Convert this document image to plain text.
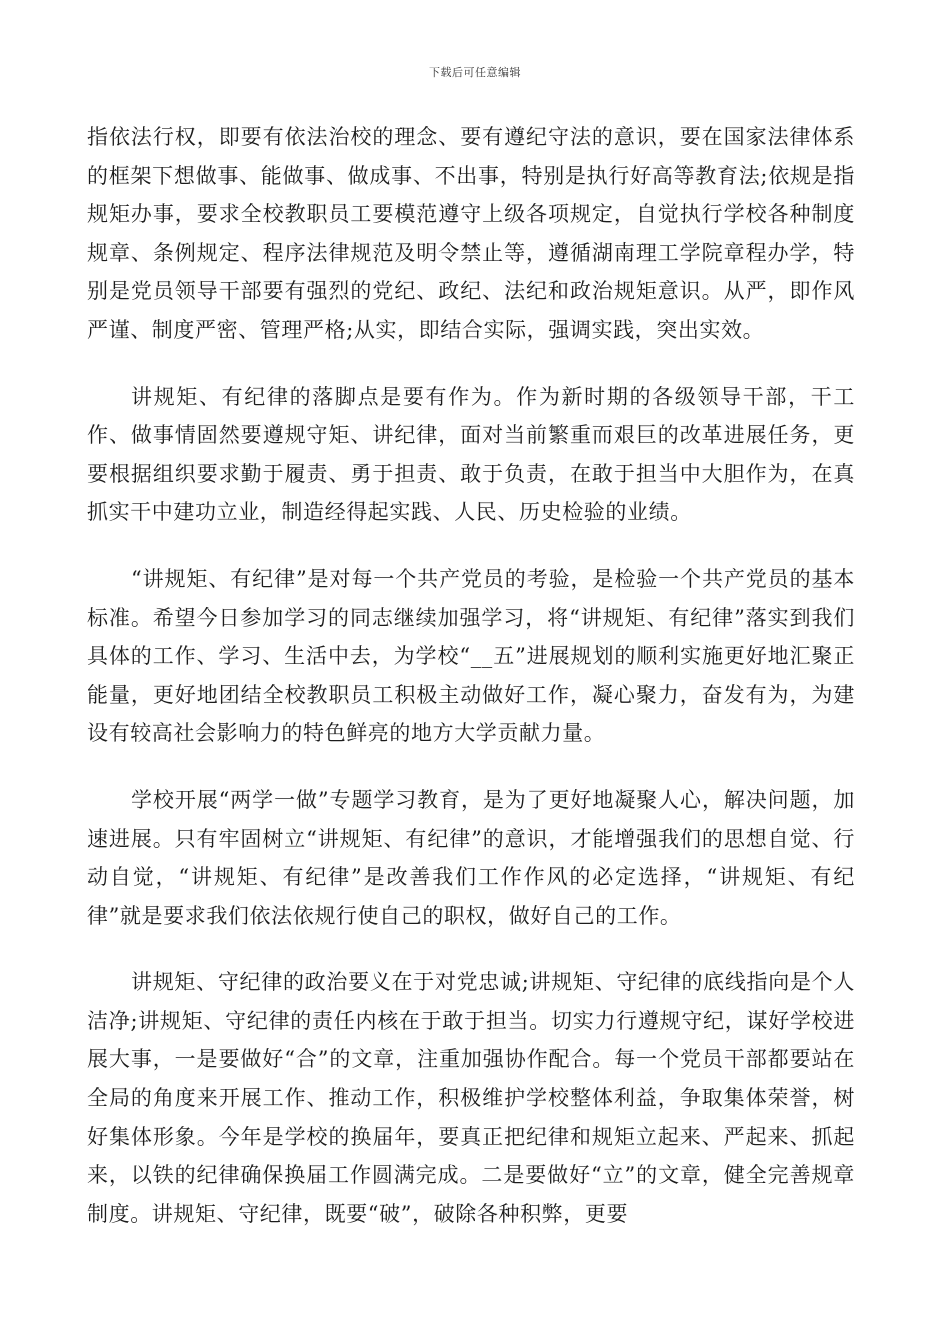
下载后可任意编辑

指依法行权，即要有依法治校的理念、要有遵纪守法的意识，要在国家法律体系的框架下想做事、能做事、做成事、不出事，特别是执行好高等教育法;依规是指规矩办事，要求全校教职员工要模范遵守上级各项规定，自觉执行学校各种制度规章、条例规定、程序法律规范及明令禁止等，遵循湖南理工学院章程办学，特别是党员领导干部要有强烈的党纪、政纪、法纪和政治规矩意识。从严，即作风严谨、制度严密、管理严格;从实，即结合实际，强调实践，突出实效。

讲规矩、有纪律的落脚点是要有作为。作为新时期的各级领导干部，干工作、做事情固然要遵规守矩、讲纪律，面对当前繁重而艰巨的改革进展任务，更要根据组织要求勤于履责、勇于担责、敢于负责，在敢于担当中大胆作为，在真抓实干中建功立业，制造经得起实践、人民、历史检验的业绩。

“讲规矩、有纪律”是对每一个共产党员的考验，是检验一个共产党员的基本标准。希望今日参加学习的同志继续加强学习，将“讲规矩、有纪律”落实到我们具体的工作、学习、生活中去，为学校“__五”进展规划的顺利实施更好地汇聚正能量，更好地团结全校教职员工积极主动做好工作，凝心聚力，奋发有为，为建设有较高社会影响力的特色鲜亮的地方大学贡献力量。

学校开展“两学一做”专题学习教育，是为了更好地凝聚人心，解决问题，加速进展。只有牢固树立“讲规矩、有纪律”的意识，才能增强我们的思想自觉、行动自觉，“讲规矩、有纪律”是改善我们工作作风的必定选择，“讲规矩、有纪律”就是要求我们依法依规行使自己的职权，做好自己的工作。

讲规矩、守纪律的政治要义在于对党忠诚;讲规矩、守纪律的底线指向是个人洁净;讲规矩、守纪律的责任内核在于敢于担当。切实力行遵规守纪，谋好学校进展大事，一是要做好“合”的文章，注重加强协作配合。每一个党员干部都要站在全局的角度来开展工作、推动工作，积极维护学校整体利益，争取集体荣誉，树好集体形象。今年是学校的换届年，要真正把纪律和规矩立起来、严起来、抓起来，以铁的纪律确保换届工作圆满完成。二是要做好“立”的文章，健全完善规章制度。讲规矩、守纪律，既要“破”，破除各种积弊，更要
